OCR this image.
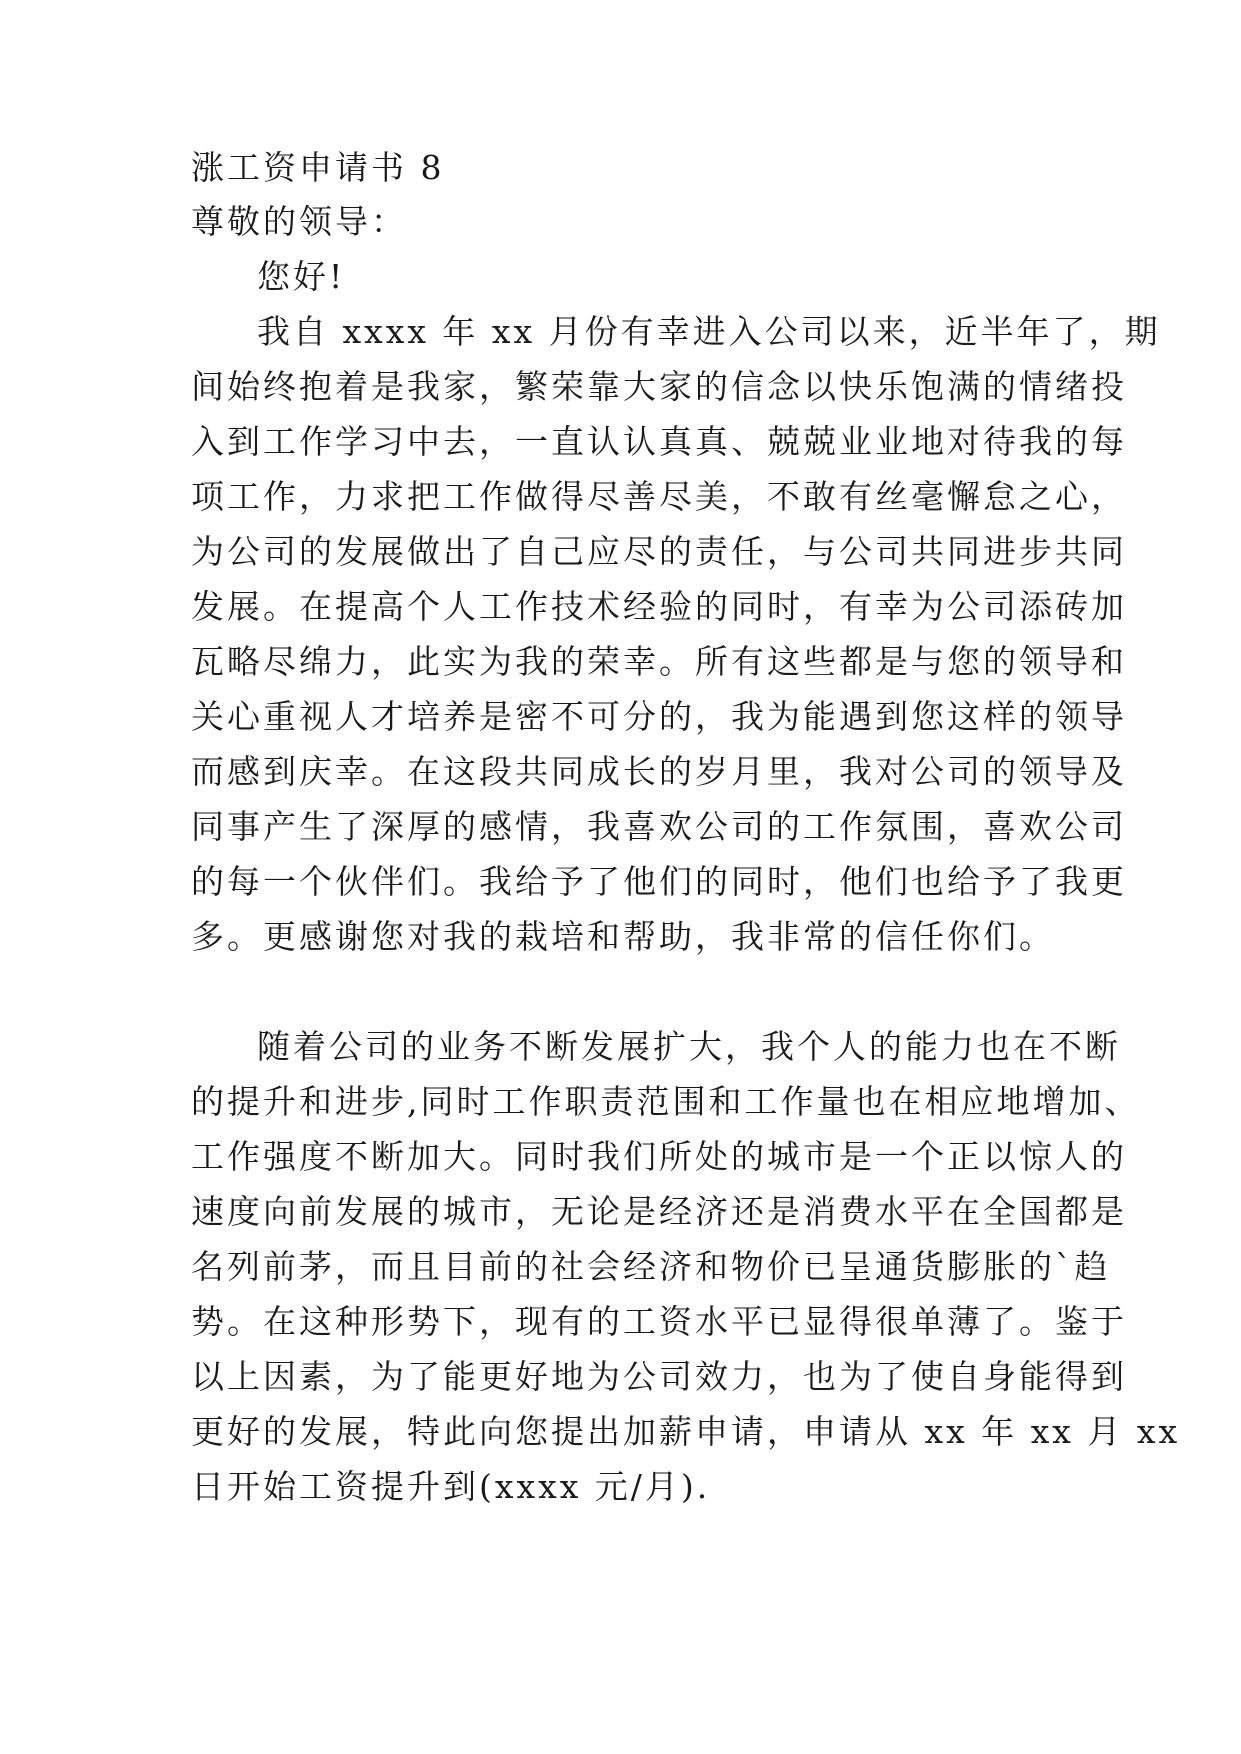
涨工资申请书 8

尊敬的领导：

您好!

我自 xxxx 年 xx 月份有幸进入公司以来，近半年了，期

间始终抱着是我家，繁荣靠大家的信念以快乐饱满的情绪投

入到工作学习中去，一直认认真真、兢兢业业地对待我的每

项工作，力求把工作做得尽善尽美，不敢有丝毫懈怠之心，

为公司的发展做出了自己应尽的责任，与公司共同进步共同

发展。在提高个人工作技术经验的同时，有幸为公司添砖加

瓦略尽绵力，此实为我的荣幸。所有这些都是与您的领导和

关心重视人才培养是密不可分的，我为能遇到您这样的领导

而感到庆幸。在这段共同成长的岁月里，我对公司的领导及

同事产生了深厚的感情，我喜欢公司的工作氛围，喜欢公司

的每一个伙伴们。我给予了他们的同时，他们也给予了我更

多。更感谢您对我的栽培和帮助，我非常的信任你们。

随着公司的业务不断发展扩大，我个人的能力也在不断

的提升和进步,同时工作职责范围和工作量也在相应地增加、

工作强度不断加大。同时我们所处的城市是一个正以惊人的

速度向前发展的城市，无论是经济还是消费水平在全国都是

名列前茅，而且目前的社会经济和物价已呈通货膨胀的`趋

势。在这种形势下，现有的工资水平已显得很单薄了。鉴于

以上因素，为了能更好地为公司效力，也为了使自身能得到

更好的发展，特此向您提出加薪申请，申请从 xx 年 xx 月 xx

日开始工资提升到(xxxx 元/月).
